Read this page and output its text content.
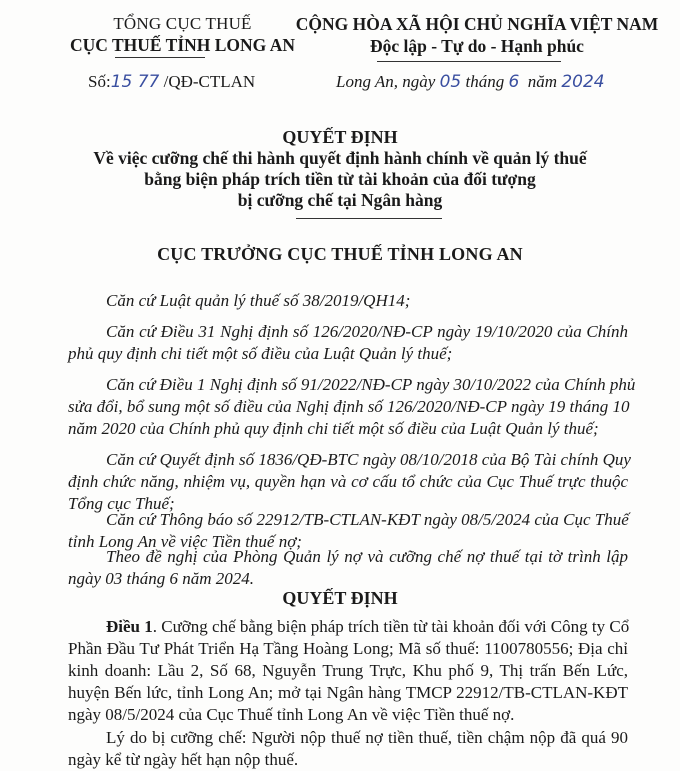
TỔNG CỤC THUẾ
CỤC THUẾ TỈNH LONG AN
Số:15 77 /QĐ-CTLAN
CỘNG HÒA XÃ HỘI CHỦ NGHĨA VIỆT NAM
Độc lập - Tự do - Hạnh phúc
Long An, ngày 05 tháng 6 năm 2024
QUYẾT ĐỊNH
Về việc cưỡng chế thi hành quyết định hành chính về quản lý thuế
bằng biện pháp trích tiền từ tài khoản của đối tượng
bị cưỡng chế tại Ngân hàng
CỤC TRƯỞNG CỤC THUẾ TỈNH LONG AN
Căn cứ Luật quản lý thuế số 38/2019/QH14;
Căn cứ Điều 31 Nghị định số 126/2020/NĐ-CP ngày 19/10/2020 của Chính
phủ quy định chi tiết một số điều của Luật Quản lý thuế;
Căn cứ Điều 1 Nghị định số 91/2022/NĐ-CP ngày 30/10/2022 của Chính phủ
sửa đổi, bổ sung một số điều của Nghị định số 126/2020/NĐ-CP ngày 19 tháng 10
năm 2020 của Chính phủ quy định chi tiết một số điều của Luật Quản lý thuế;
Căn cứ Quyết định số 1836/QĐ-BTC ngày 08/10/2018 của Bộ Tài chính Quy
định chức năng, nhiệm vụ, quyền hạn và cơ cấu tổ chức của Cục Thuế trực thuộc
Tổng cục Thuế;
Căn cứ Thông báo số 22912/TB-CTLAN-KĐT ngày 08/5/2024 của Cục Thuế
tỉnh Long An về việc Tiền thuế nợ;
Theo đề nghị của Phòng Quản lý nợ và cưỡng chế nợ thuế tại tờ trình lập
ngày 03 tháng 6 năm 2024.
QUYẾT ĐỊNH
Điều 1. Cưỡng chế bằng biện pháp trích tiền từ tài khoản đối với Công ty Cổ
Phần Đầu Tư Phát Triển Hạ Tầng Hoàng Long; Mã số thuế: 1100780556; Địa chỉ
kinh doanh: Lầu 2, Số 68, Nguyễn Trung Trực, Khu phố 9, Thị trấn Bến Lức,
huyện Bến lức, tỉnh Long An; mở tại Ngân hàng TMCP 22912/TB-CTLAN-KĐT
ngày 08/5/2024 của Cục Thuế tỉnh Long An về việc Tiền thuế nợ.
Lý do bị cưỡng chế: Người nộp thuế nợ tiền thuế, tiền chậm nộp đã quá 90
ngày kể từ ngày hết hạn nộp thuế.
